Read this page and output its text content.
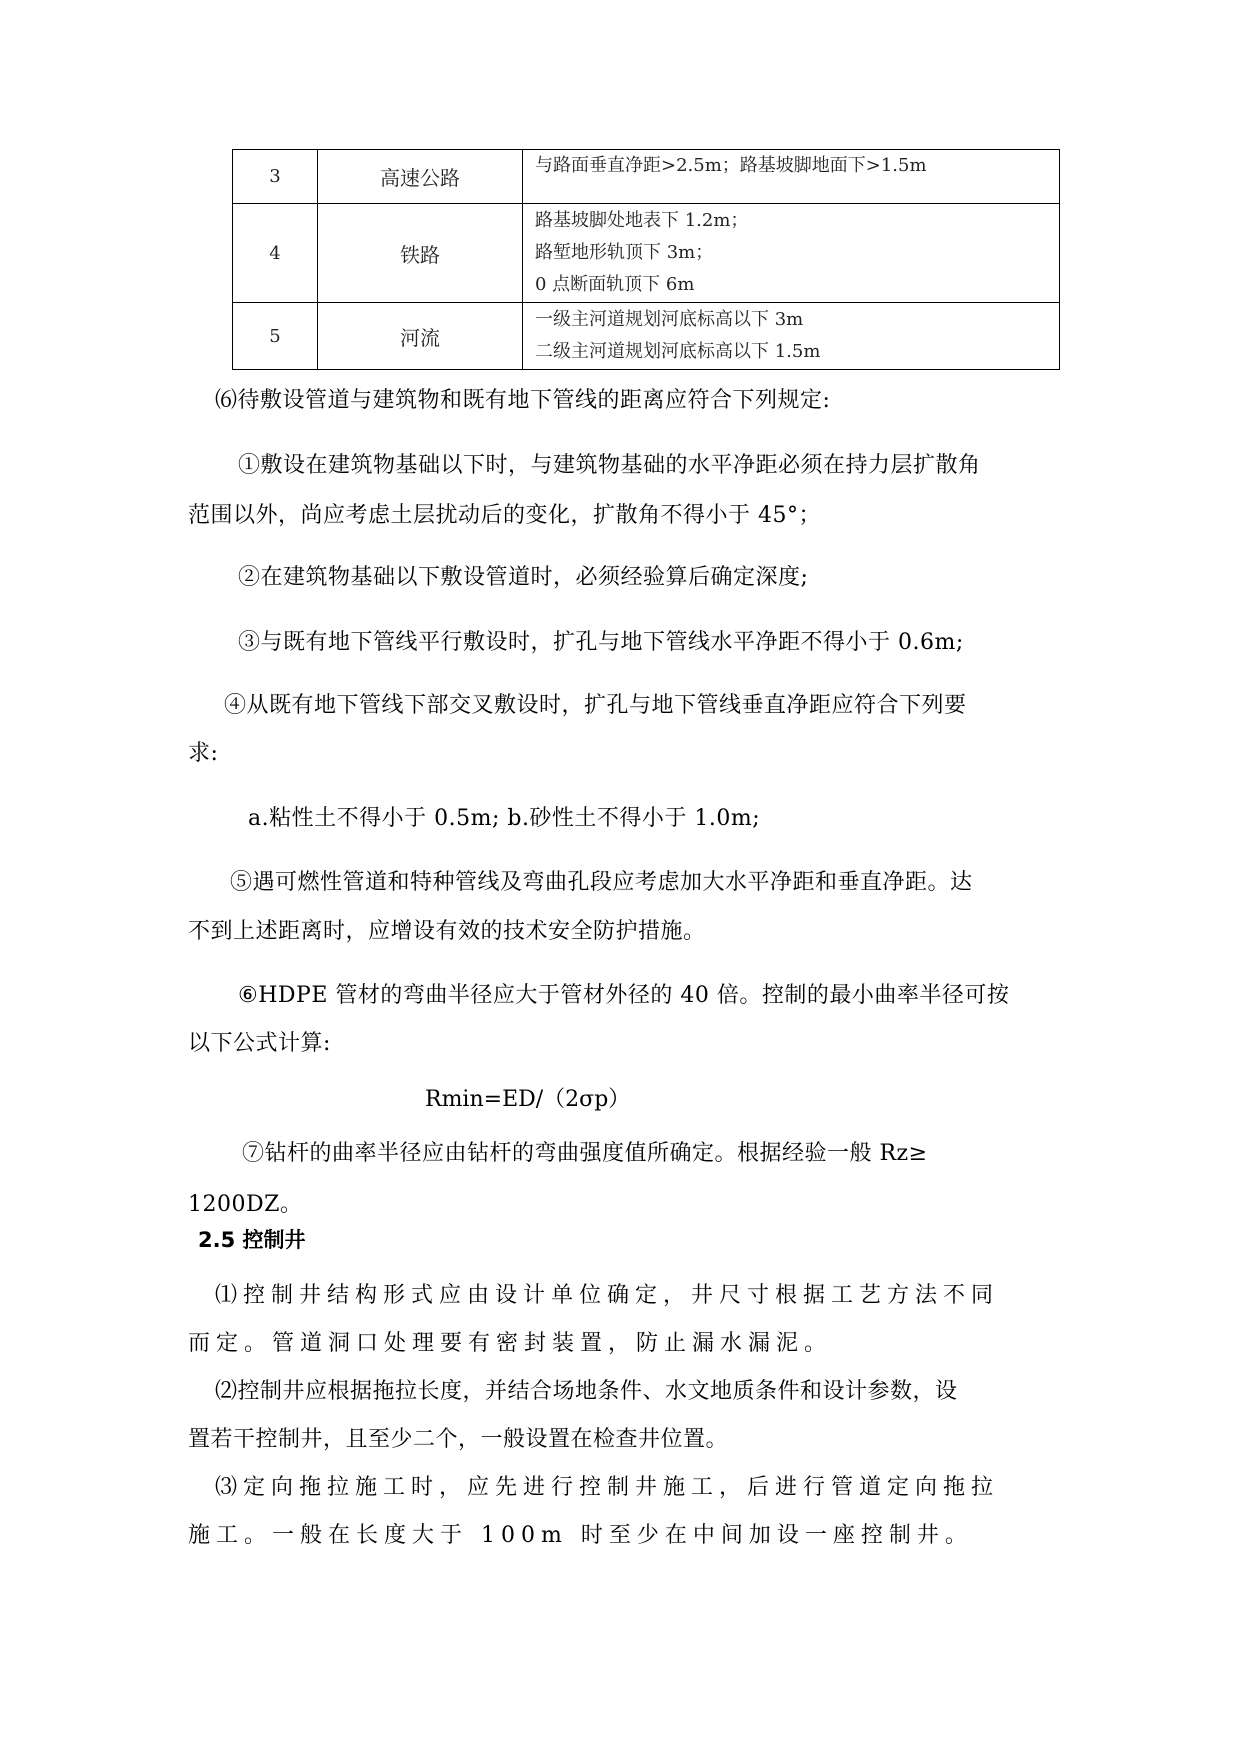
3	高速公路	与路面垂直净距>2.5m；路基坡脚地面下>1.5m

4	铁路	路基坡脚处地表下 1.2m；
路堑地形轨顶下 3m；
0 点断面轨顶下 6m

5	河流	一级主河道规划河底标高以下 3m
二级主河道规划河底标高以下 1.5m
⑹待敷设管道与建筑物和既有地下管线的距离应符合下列规定:
①敷设在建筑物基础以下时，与建筑物基础的水平净距必须在持力层扩散角
范围以外，尚应考虑土层扰动后的变化，扩散角不得小于 45°；
②在建筑物基础以下敷设管道时，必须经验算后确定深度;
③与既有地下管线平行敷设时，扩孔与地下管线水平净距不得小于 0.6m;
④从既有地下管线下部交叉敷设时，扩孔与地下管线垂直净距应符合下列要
求:
a.粘性土不得小于 0.5m; b.砂性土不得小于 1.0m;
⑤遇可燃性管道和特种管线及弯曲孔段应考虑加大水平净距和垂直净距。达
不到上述距离时，应增设有效的技术安全防护措施。
⑥HDPE 管材的弯曲半径应大于管材外径的 40 倍。控制的最小曲率半径可按
以下公式计算:
Rmin=ED/（2σp）
⑦钻杆的曲率半径应由钻杆的弯曲强度值所确定。根据经验一般 Rz≥
1200DZ。
2.5 控制井
⑴控制井结构形式应由设计单位确定，井尺寸根据工艺方法不同
而定。管道洞口处理要有密封装置，防止漏水漏泥。
⑵控制井应根据拖拉长度，并结合场地条件、水文地质条件和设计参数，设
置若干控制井，且至少二个，一般设置在检查井位置。
⑶定向拖拉施工时，应先进行控制井施工，后进行管道定向拖拉
施工。一般在长度大于 100m 时至少在中间加设一座控制井。
